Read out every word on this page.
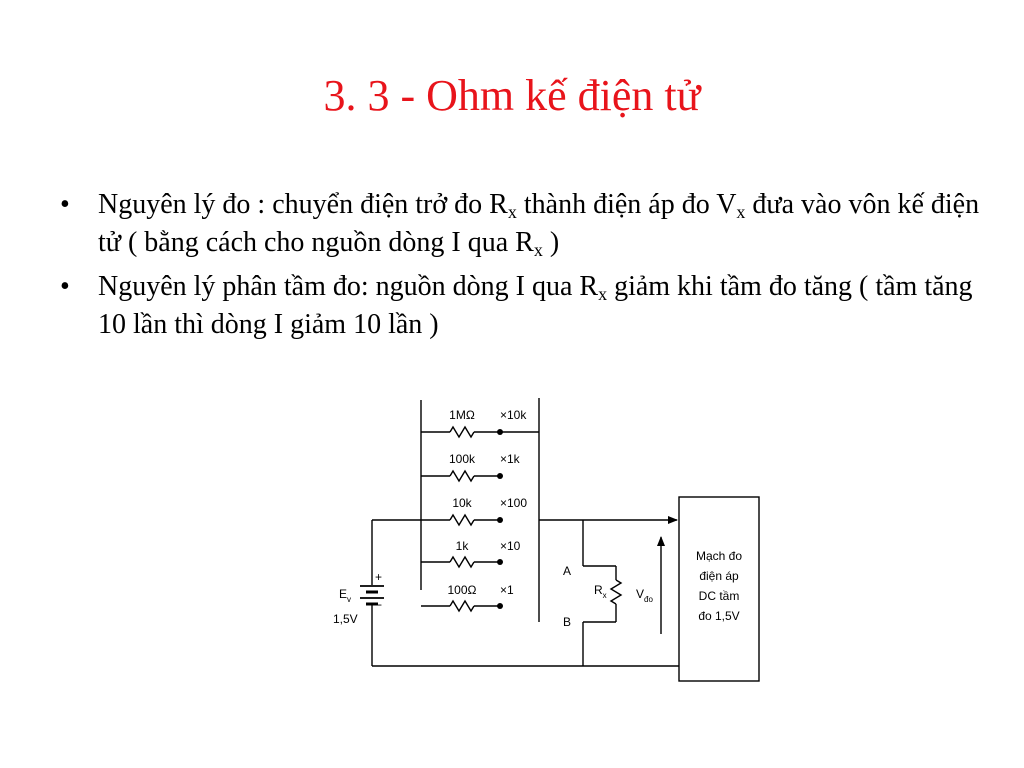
3. 3 - Ohm kế điện tử
• Nguyên lý đo : chuyển điện trở đo $R_x$ thành điện áp đo $V_x$ đưa vào vôn kế điện tử ( bằng cách cho nguồn dòng I qua $R_x$ )
• Nguyên lý phân tầm đo: nguồn dòng I qua $R_x$ giảm khi tầm đo tăng ( tầm tăng 10 lần thì dòng I giảm 10 lần )
1MΩ
100k
10k
1k
100Ω
×10k
×1k
×100
×10
×1
+
−
$E_v$
1,5V
A
B
$R_x$ $V_{đo}$
Mạch đo
điện áp
DC tầm
đo 1,5V
